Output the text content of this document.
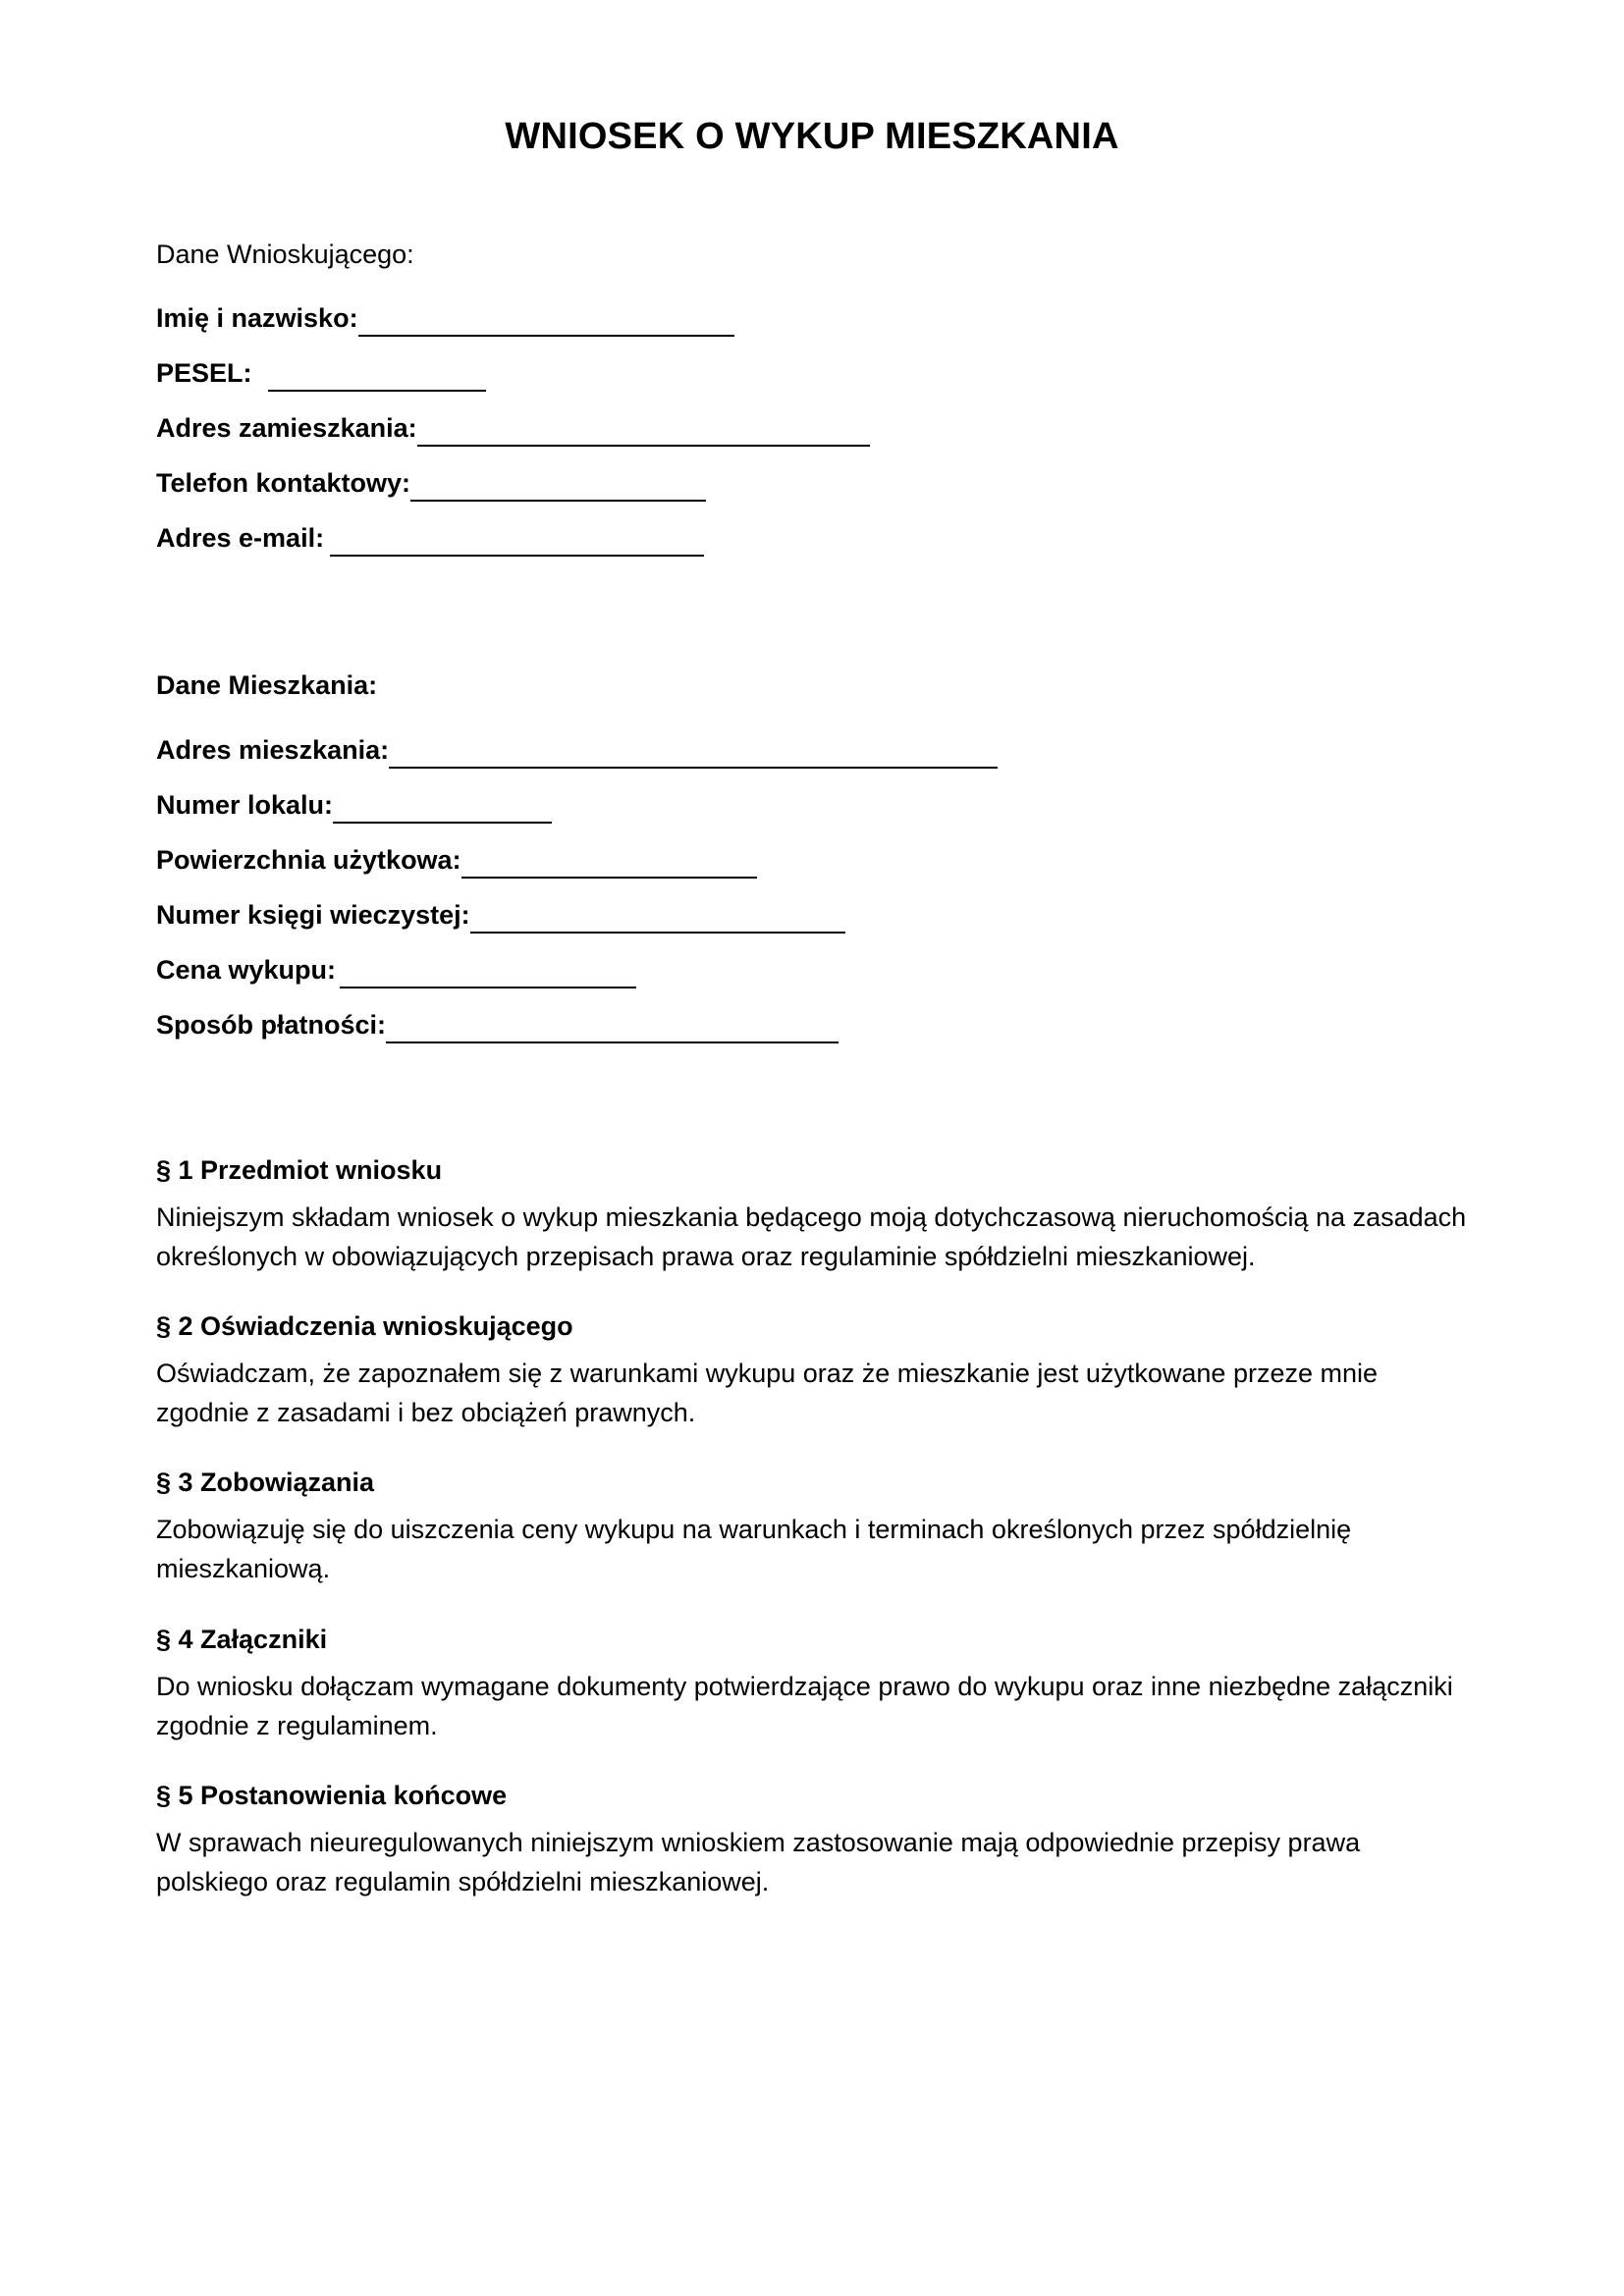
WNIOSEK O WYKUP MIESZKANIA
Dane Wnioskującego:
Imię i nazwisko:
PESEL:
Adres zamieszkania:
Telefon kontaktowy:
Adres e-mail:
Dane Mieszkania:
Adres mieszkania:
Numer lokalu:
Powierzchnia użytkowa:
Numer księgi wieczystej:
Cena wykupu:
Sposób płatności:
§ 1 Przedmiot wniosku
Niniejszym składam wniosek o wykup mieszkania będącego moją dotychczasową nieruchomością na zasadach określonych w obowiązujących przepisach prawa oraz regulaminie spółdzielni mieszkaniowej.
§ 2 Oświadczenia wnioskującego
Oświadczam, że zapoznałem się z warunkami wykupu oraz że mieszkanie jest użytkowane przeze mnie zgodnie z zasadami i bez obciążeń prawnych.
§ 3 Zobowiązania
Zobowiązuję się do uiszczenia ceny wykupu na warunkach i terminach określonych przez spółdzielnię mieszkaniową.
§ 4 Załączniki
Do wniosku dołączam wymagane dokumenty potwierdzające prawo do wykupu oraz inne niezbędne załączniki zgodnie z regulaminem.
§ 5 Postanowienia końcowe
W sprawach nieuregulowanych niniejszym wnioskiem zastosowanie mają odpowiednie przepisy prawa polskiego oraz regulamin spółdzielni mieszkaniowej.
